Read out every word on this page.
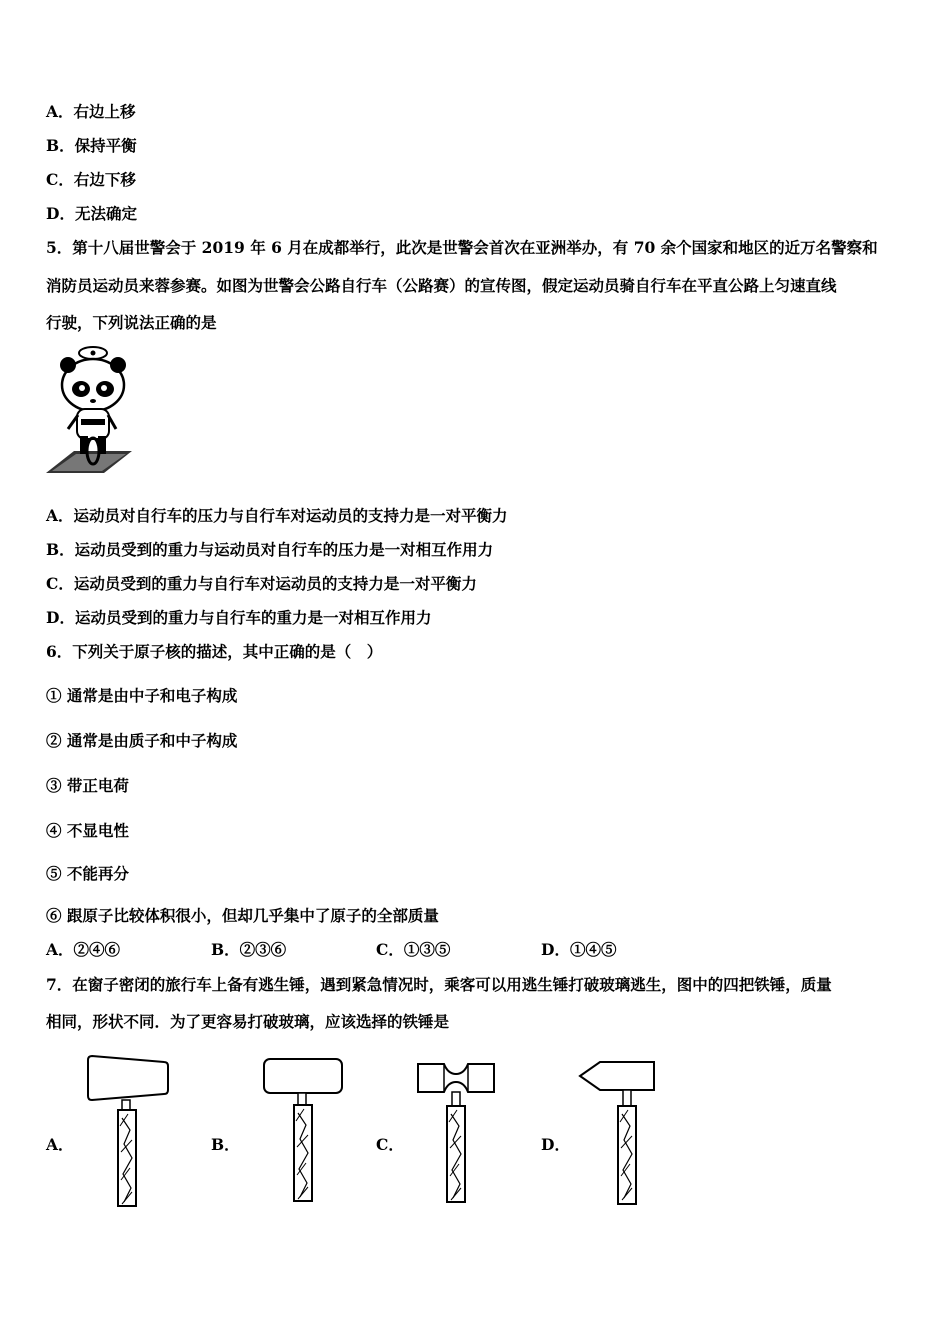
A．右边上移
B．保持平衡
C．右边下移
D．无法确定
5．第十八届世警会于 2019 年 6 月在成都举行，此次是世警会首次在亚洲举办，有 70 余个国家和地区的近万名警察和
消防员运动员来蓉参赛。如图为世警会公路自行车（公路赛）的宣传图，假定运动员骑自行车在平直公路上匀速直线
行驶，下列说法正确的是
A．运动员对自行车的压力与自行车对运动员的支持力是一对平衡力
B．运动员受到的重力与运动员对自行车的压力是一对相互作用力
C．运动员受到的重力与自行车对运动员的支持力是一对平衡力
D．运动员受到的重力与自行车的重力是一对相互作用力
6．下列关于原子核的描述，其中正确的是（　）
① 通常是由中子和电子构成
② 通常是由质子和中子构成
③ 带正电荷
④ 不显电性
⑤ 不能再分
⑥ 跟原子比较体积很小，但却几乎集中了原子的全部质量
A．②④⑥	B．②③⑥	C．①③⑤	D．①④⑤
7．在窗子密闭的旅行车上备有逃生锤，遇到紧急情况时，乘客可以用逃生锤打破玻璃逃生，图中的四把铁锤，质量
相同，形状不同．为了更容易打破玻璃，应该选择的铁锤是
A．	B．	C．	D．
